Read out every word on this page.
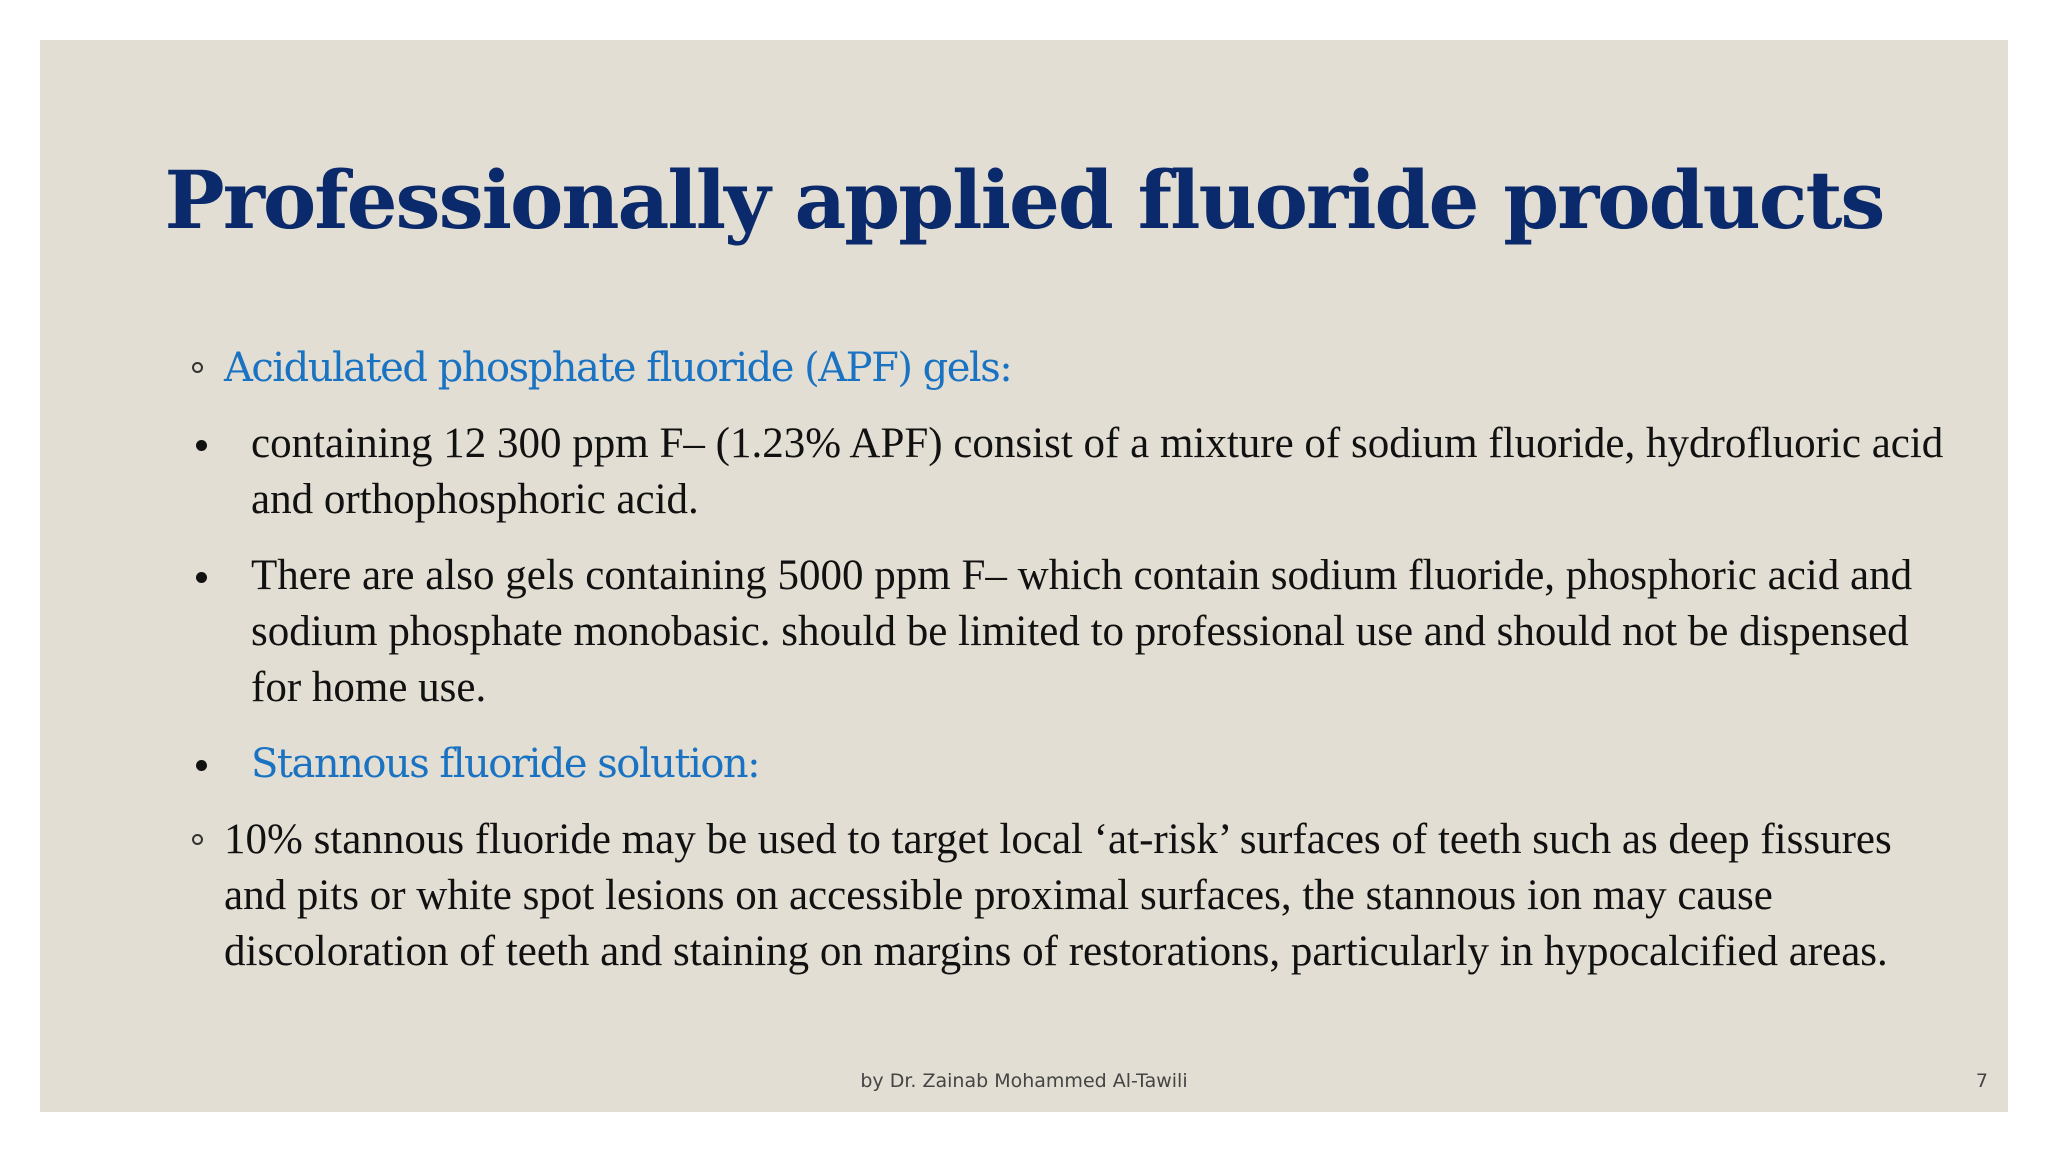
Professionally applied fluoride products
Acidulated phosphate fluoride (APF) gels:
containing 12 300 ppm F– (1.23% APF) consist of a mixture of sodium fluoride, hydrofluoric acid and orthophosphoric acid.
There are also gels containing 5000 ppm F– which contain sodium fluoride, phosphoric acid and sodium phosphate monobasic. should be limited to professional use and should not be dispensed for home use.
Stannous fluoride solution:
10% stannous fluoride may be used to target local ‘at-risk’ surfaces of teeth such as deep fissures and pits or white spot lesions on accessible proximal surfaces, the stannous ion may cause discoloration of teeth and staining on margins of restorations, particularly in hypocalcified areas.
by Dr. Zainab Mohammed Al-Tawili	7
